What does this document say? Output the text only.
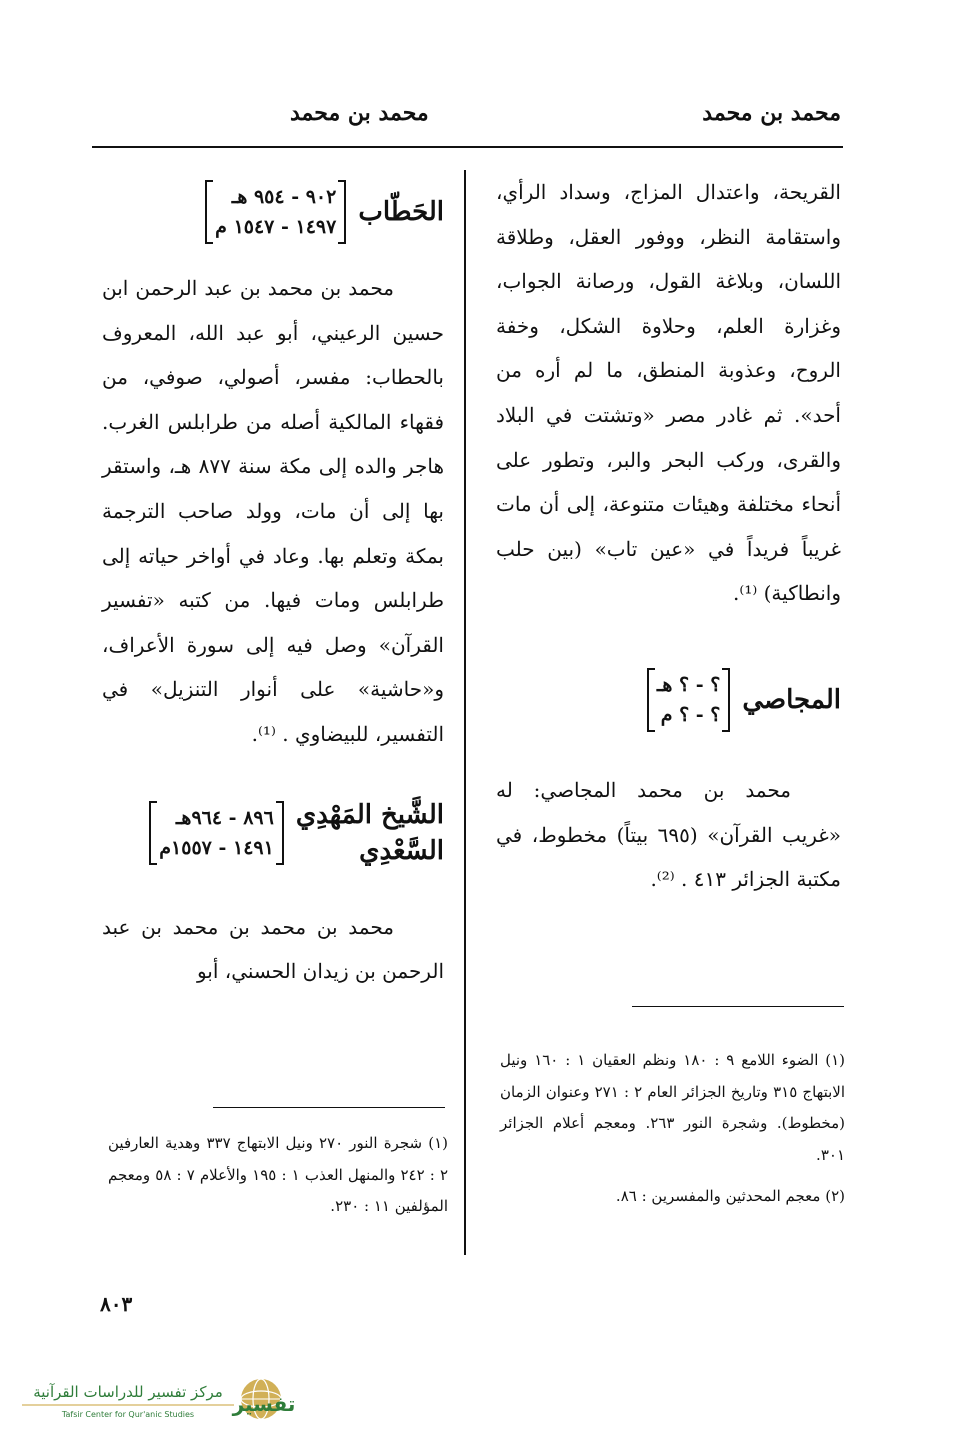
محمد بن محمد
محمد بن محمد

القريحة، واعتدال المزاج، وسداد الرأي، واستقامة النظر، ووفور العقل، وطلاقة اللسان، وبلاغة القول، ورصانة الجواب، وغزارة العلم، وحلاوة الشكل، وخفة الروح، وعذوبة المنطق، ما لم أره من أحد». ثم غادر مصر «وتشتت في البلاد والقرى، وركب البحر والبر، وتطور على أنحاء مختلفة وهيئات متنوعة، إلى أن مات غريباً فريداً في «عين تاب» (بين حلب وانطاكية) ⁽¹⁾.

المجاصي
؟ - ؟ هـ
؟ - ؟ م

محمد بن محمد المجاصي: له «غريب القرآن» (٦٩٥ بيتاً) مخطوط، في مكتبة الجزائر ٤١٣ . ⁽²⁾.

الحَطّاب
٩٠٢ - ٩٥٤ هـ
١٤٩٧ - ١٥٤٧ م

محمد بن محمد بن عبد الرحمن ابن حسين الرعيني، أبو عبد الله، المعروف بالحطاب: مفسر، أصولي، صوفي، من فقهاء المالكية أصله من طرابلس الغرب. هاجر والده إلى مكة سنة ٨٧٧ هـ، واستقر بها إلى أن مات، وولد صاحب الترجمة بمكة وتعلم بها. وعاد في أواخر حياته إلى طرابلس ومات فيها. من كتبه «تفسير القرآن» وصل فيه إلى سورة الأعراف، و«حاشية» على أنوار التنزيل» في التفسير، للبيضاوي . ⁽¹⁾.

الشَّيخ المَهْدِي
السَّعْدِي
٨٩٦ - ٩٦٤هـ
١٤٩١ - ١٥٥٧م

محمد بن محمد بن محمد بن عبد الرحمن بن زيدان الحسني، أبو

(١) الضوء اللامع ٩ : ١٨٠ ونظم العقيان ١ : ١٦٠ ونيل الابتهاج ٣١٥ وتاريخ الجزائر العام ٢ : ٢٧١ وعنوان الزمان (مخطوط). وشجرة النور ٢٦٣. ومعجم أعلام الجزائر ٣٠١.

(٢) معجم المحدثين والمفسرين : ٨٦.

(١) شجرة النور ٢٧٠ ونيل الابتهاج ٣٣٧ وهدية العارفين ٢ : ٢٤٢ والمنهل العذب ١ : ١٩٥ والأعلام ٧ : ٥٨ ومعجم المؤلفين ١١ : ٢٣٠.

٨٠٣
تفسير
مركز تفسير للدراسات القرآنية
Tafsir Center for Qur'anic Studies
